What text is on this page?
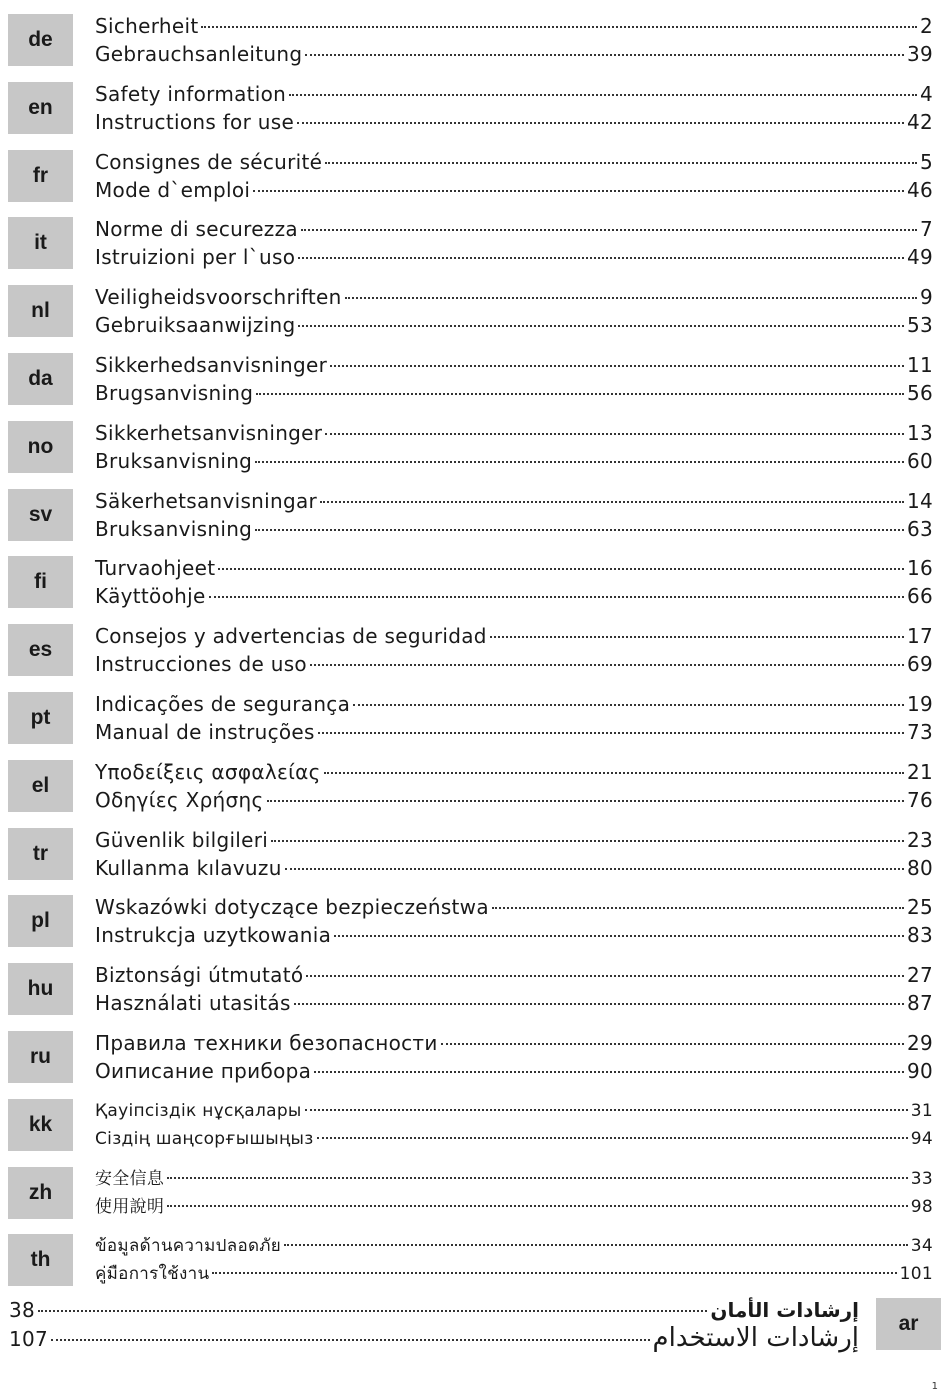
de
Sicherheit	2
Gebrauchsanleitung	39
en
Safety information	4
Instructions for use	42
fr
Consignes de sécurité	5
Mode d`emploi	46
it
Norme di securezza	7
Istruizioni per l`uso	49
nl
Veiligheidsvoorschriften	9
Gebruiksaanwijzing	53
da
Sikkerhedsanvisninger	11
Brugsanvisning	56
no
Sikkerhetsanvisninger	13
Bruksanvisning	60
sv
Säkerhetsanvisningar	14
Bruksanvisning	63
fi
Turvaohjeet	16
Käyttöohje	66
es
Consejos y advertencias de seguridad	17
Instrucciones de uso	69
pt
Indicações de segurança	19
Manual de instruções	73
el
Υποδείξεις ασφαλείας	21
Οδηγίες Χρήσης	76
tr
Güvenlik bilgileri	23
Kullanma kılavuzu	80
pl
Wskazówki dotyczące bezpieczeństwa	25
Instrukcja uzytkowania	83
hu
Biztonsági útmutató	27
Használati utasitás	87
ru
Правила техники безопасности	29
Оиписание прибора	90
kk
Қауіпсіздік нұсқалары	31
Сіздің шаңсорғышыңыз	94
zh
安全信息	33
使用說明	98
th
ข้อมูลด้านความปลอดภัย	34
คู่มือการใช้งาน	101
ar
38	إرشادات الأمان
107	إرشادات الاستخدام
1
